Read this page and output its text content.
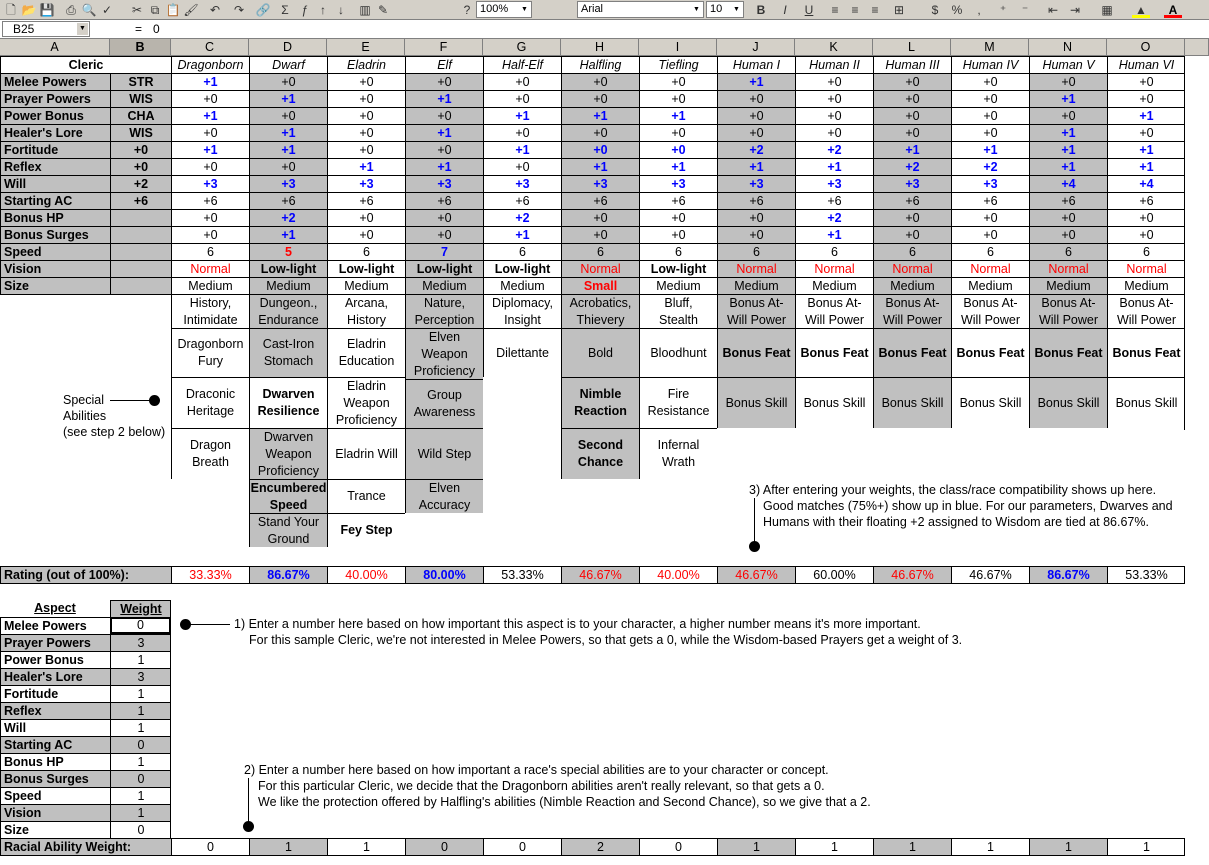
🗋 📂 💾 ⎙ 🔍 ✓	✂ ⧉ 📋 🖌 ↶	↷ 🔗 Σ	ƒ ↑	↓	▥ ✎	?	B	I	U	≡	≡	≡	⊞	$	%	,	⁺	⁻	⇤ ⇥	▦ ▲	A
100% ▼	Arial	▼ 10 ▼
B25	▼	= 0
A	B	C	D	E	F	G	H	I	J	K	L	M	N	O
Cleric	Dragonborn	Dwarf	Eladrin	Elf	Half-Elf	Halfling	Tiefling	Human I	Human II	Human III	Human IV	Human V	Human VI
Melee Powers	STR	+1	+0	+0	+0	+0	+0	+0	+1	+0	+0	+0	+0	+0
Prayer Powers	WIS	+0	+1	+0	+1	+0	+0	+0	+0	+0	+0	+0	+1	+0
Power Bonus	CHA	+1	+0	+0	+0	+1	+1	+1	+0	+0	+0	+0	+0	+1
Healer's Lore	WIS	+0	+1	+0	+1	+0	+0	+0	+0	+0	+0	+0	+1	+0
Fortitude	+0	+1	+1	+0	+0	+1	+0	+0	+2	+2	+1	+1	+1	+1
Reflex	+0	+0	+0	+1	+1	+0	+1	+1	+1	+1	+2	+2	+1	+1
Will	+2	+3	+3	+3	+3	+3	+3	+3	+3	+3	+3	+3	+4	+4
Starting AC	+6	+6	+6	+6	+6	+6	+6	+6	+6	+6	+6	+6	+6	+6
Bonus HP	+0	+2	+0	+0	+2	+0	+0	+0	+2	+0	+0	+0	+0
Bonus Surges	+0	+1	+0	+0	+1	+0	+0	+0	+1	+0	+0	+0	+0
Speed	6	5	6	7	6	6	6	6	6	6	6	6	6
Vision	Normal	Low-light	Low-light	Low-light	Low-light	Normal	Low-light	Normal	Normal	Normal	Normal	Normal	Normal
Size	Medium	Medium	Medium	Medium	Medium	Small	Medium	Medium	Medium	Medium	Medium	Medium	Medium
History,
Intimidate
Dungeon.,
Endurance
Arcana,
History
Nature,
Perception
Diplomacy,
Insight
Acrobatics,
Thievery
Bluff,
Stealth
Bonus At-
Will Power
Bonus At-
Will Power
Bonus At-
Will Power
Bonus At-
Will Power
Bonus At-
Will Power
Bonus At-
Will Power
Dragonborn
Fury
Draconic
Heritage
Dragon
Breath
Cast-Iron
Stomach
Dwarven
Resilience
Dwarven
Weapon
Proficiency
Encumbered
Speed
Stand Your
Ground
Eladrin
Education
Eladrin
Weapon
Proficiency
Eladrin Will
Trance
Fey Step
Elven
Weapon
Proficiency
Group
Awareness
Wild Step
Elven
Accuracy
Dilettante	Bold
Nimble
Reaction
Second
Chance
Bloodhunt
Fire
Resistance
Infernal
Wrath
Bonus Feat
Bonus Skill
Bonus Feat
Bonus Skill
Bonus Feat
Bonus Skill
Bonus Feat
Bonus Skill
Bonus Feat
Bonus Skill
Bonus Feat
Bonus Skill
Special
Abilities
(see step 2 below)
Rating (out of 100%):	33.33%	86.67%	40.00%	80.00%	53.33%	46.67%	40.00%	46.67%	60.00%	46.67%	46.67%	86.67%	53.33%
3) After entering your weights, the class/race compatibility shows up here.
Good matches (75%+) show up in blue. For our parameters, Dwarves and
Humans with their floating +2 assigned to Wisdom are tied at 86.67%.
Aspect	Weight
Melee Powers	0
Prayer Powers	3
Power Bonus	1
Healer's Lore	3
Fortitude	1
Reflex	1
Will	1
Starting AC	0
Bonus HP	1
Bonus Surges	0
Speed	1
Vision	1
Size	0
1) Enter a number here based on how important this aspect is to your character, a higher number means it's more important.
For this sample Cleric, we're not interested in Melee Powers, so that gets a 0, while the Wisdom-based Prayers get a weight of 3.
2) Enter a number here based on how important a race's special abilities are to your character or concept.
For this particular Cleric, we decide that the Dragonborn abilities aren't really relevant, so that gets a 0.
We like the protection offered by Halfling's abilities (Nimble Reaction and Second Chance), so we give that a 2.
Racial Ability Weight:	0	1	1	0	0	2	0	1	1	1	1	1	1
